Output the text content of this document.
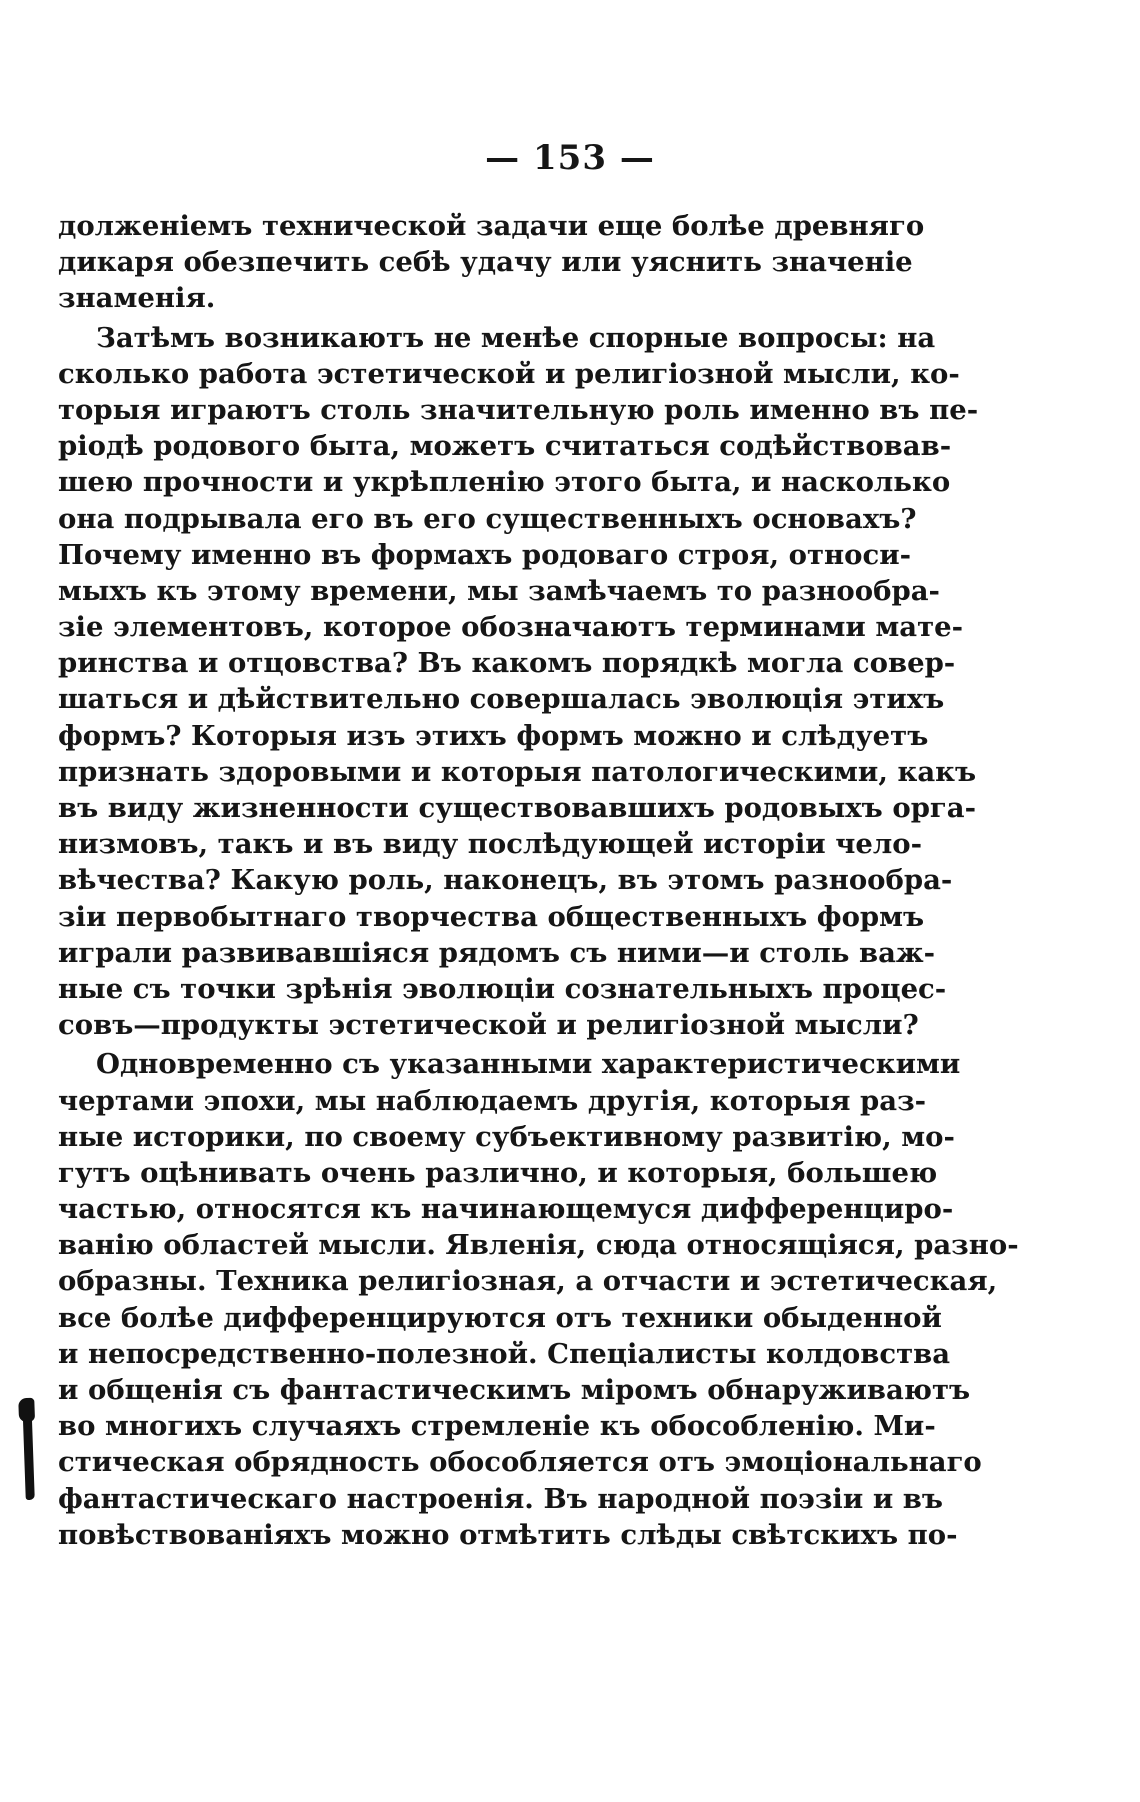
— 153 —
долженіемъ технической задачи еще болѣе древняго
дикаря обезпечить себѣ удачу или уяснить значеніе
знаменія.
Затѣмъ возникаютъ не менѣе спорные вопросы: на
сколько работа эстетической и религіозной мысли, ко-
торыя играютъ столь значительную роль именно въ пе-
ріодѣ родового быта, можетъ считаться содѣйствовав-
шею прочности и укрѣпленію этого быта, и насколько
она подрывала его въ его существенныхъ основахъ?
Почему именно въ формахъ родоваго строя, относи-
мыхъ къ этому времени, мы замѣчаемъ то разнообра-
зіе элементовъ, которое обозначаютъ терминами мате-
ринства и отцовства? Въ какомъ порядкѣ могла совер-
шаться и дѣйствительно совершалась эволюція этихъ
формъ? Которыя изъ этихъ формъ можно и слѣдуетъ
признать здоровыми и которыя патологическими, какъ
въ виду жизненности существовавшихъ родовыхъ орга-
низмовъ, такъ и въ виду послѣдующей исторіи чело-
вѣчества? Какую роль, наконецъ, въ этомъ разнообра-
зіи первобытнаго творчества общественныхъ формъ
играли развивавшіяся рядомъ съ ними—и столь важ-
ные съ точки зрѣнія эволюціи сознательныхъ процес-
совъ—продукты эстетической и религіозной мысли?
Одновременно съ указанными характеристическими
чертами эпохи, мы наблюдаемъ другія, которыя раз-
ные историки, по своему субъективному развитію, мо-
гутъ оцѣнивать очень различно, и которыя, большею
частью, относятся къ начинающемуся дифференциро-
ванію областей мысли. Явленія, сюда относящіяся, разно-
образны. Техника религіозная, а отчасти и эстетическая,
все болѣе дифференцируются отъ техники обыденной
и непосредственно-полезной. Спеціалисты колдовства
и общенія съ фантастическимъ міромъ обнаруживаютъ
во многихъ случаяхъ стремленіе къ обособленію. Ми-
стическая обрядность обособляется отъ эмоціональнаго
фантастическаго настроенія. Въ народной поэзіи и въ
повѣствованіяхъ можно отмѣтить слѣды свѣтскихъ по-
